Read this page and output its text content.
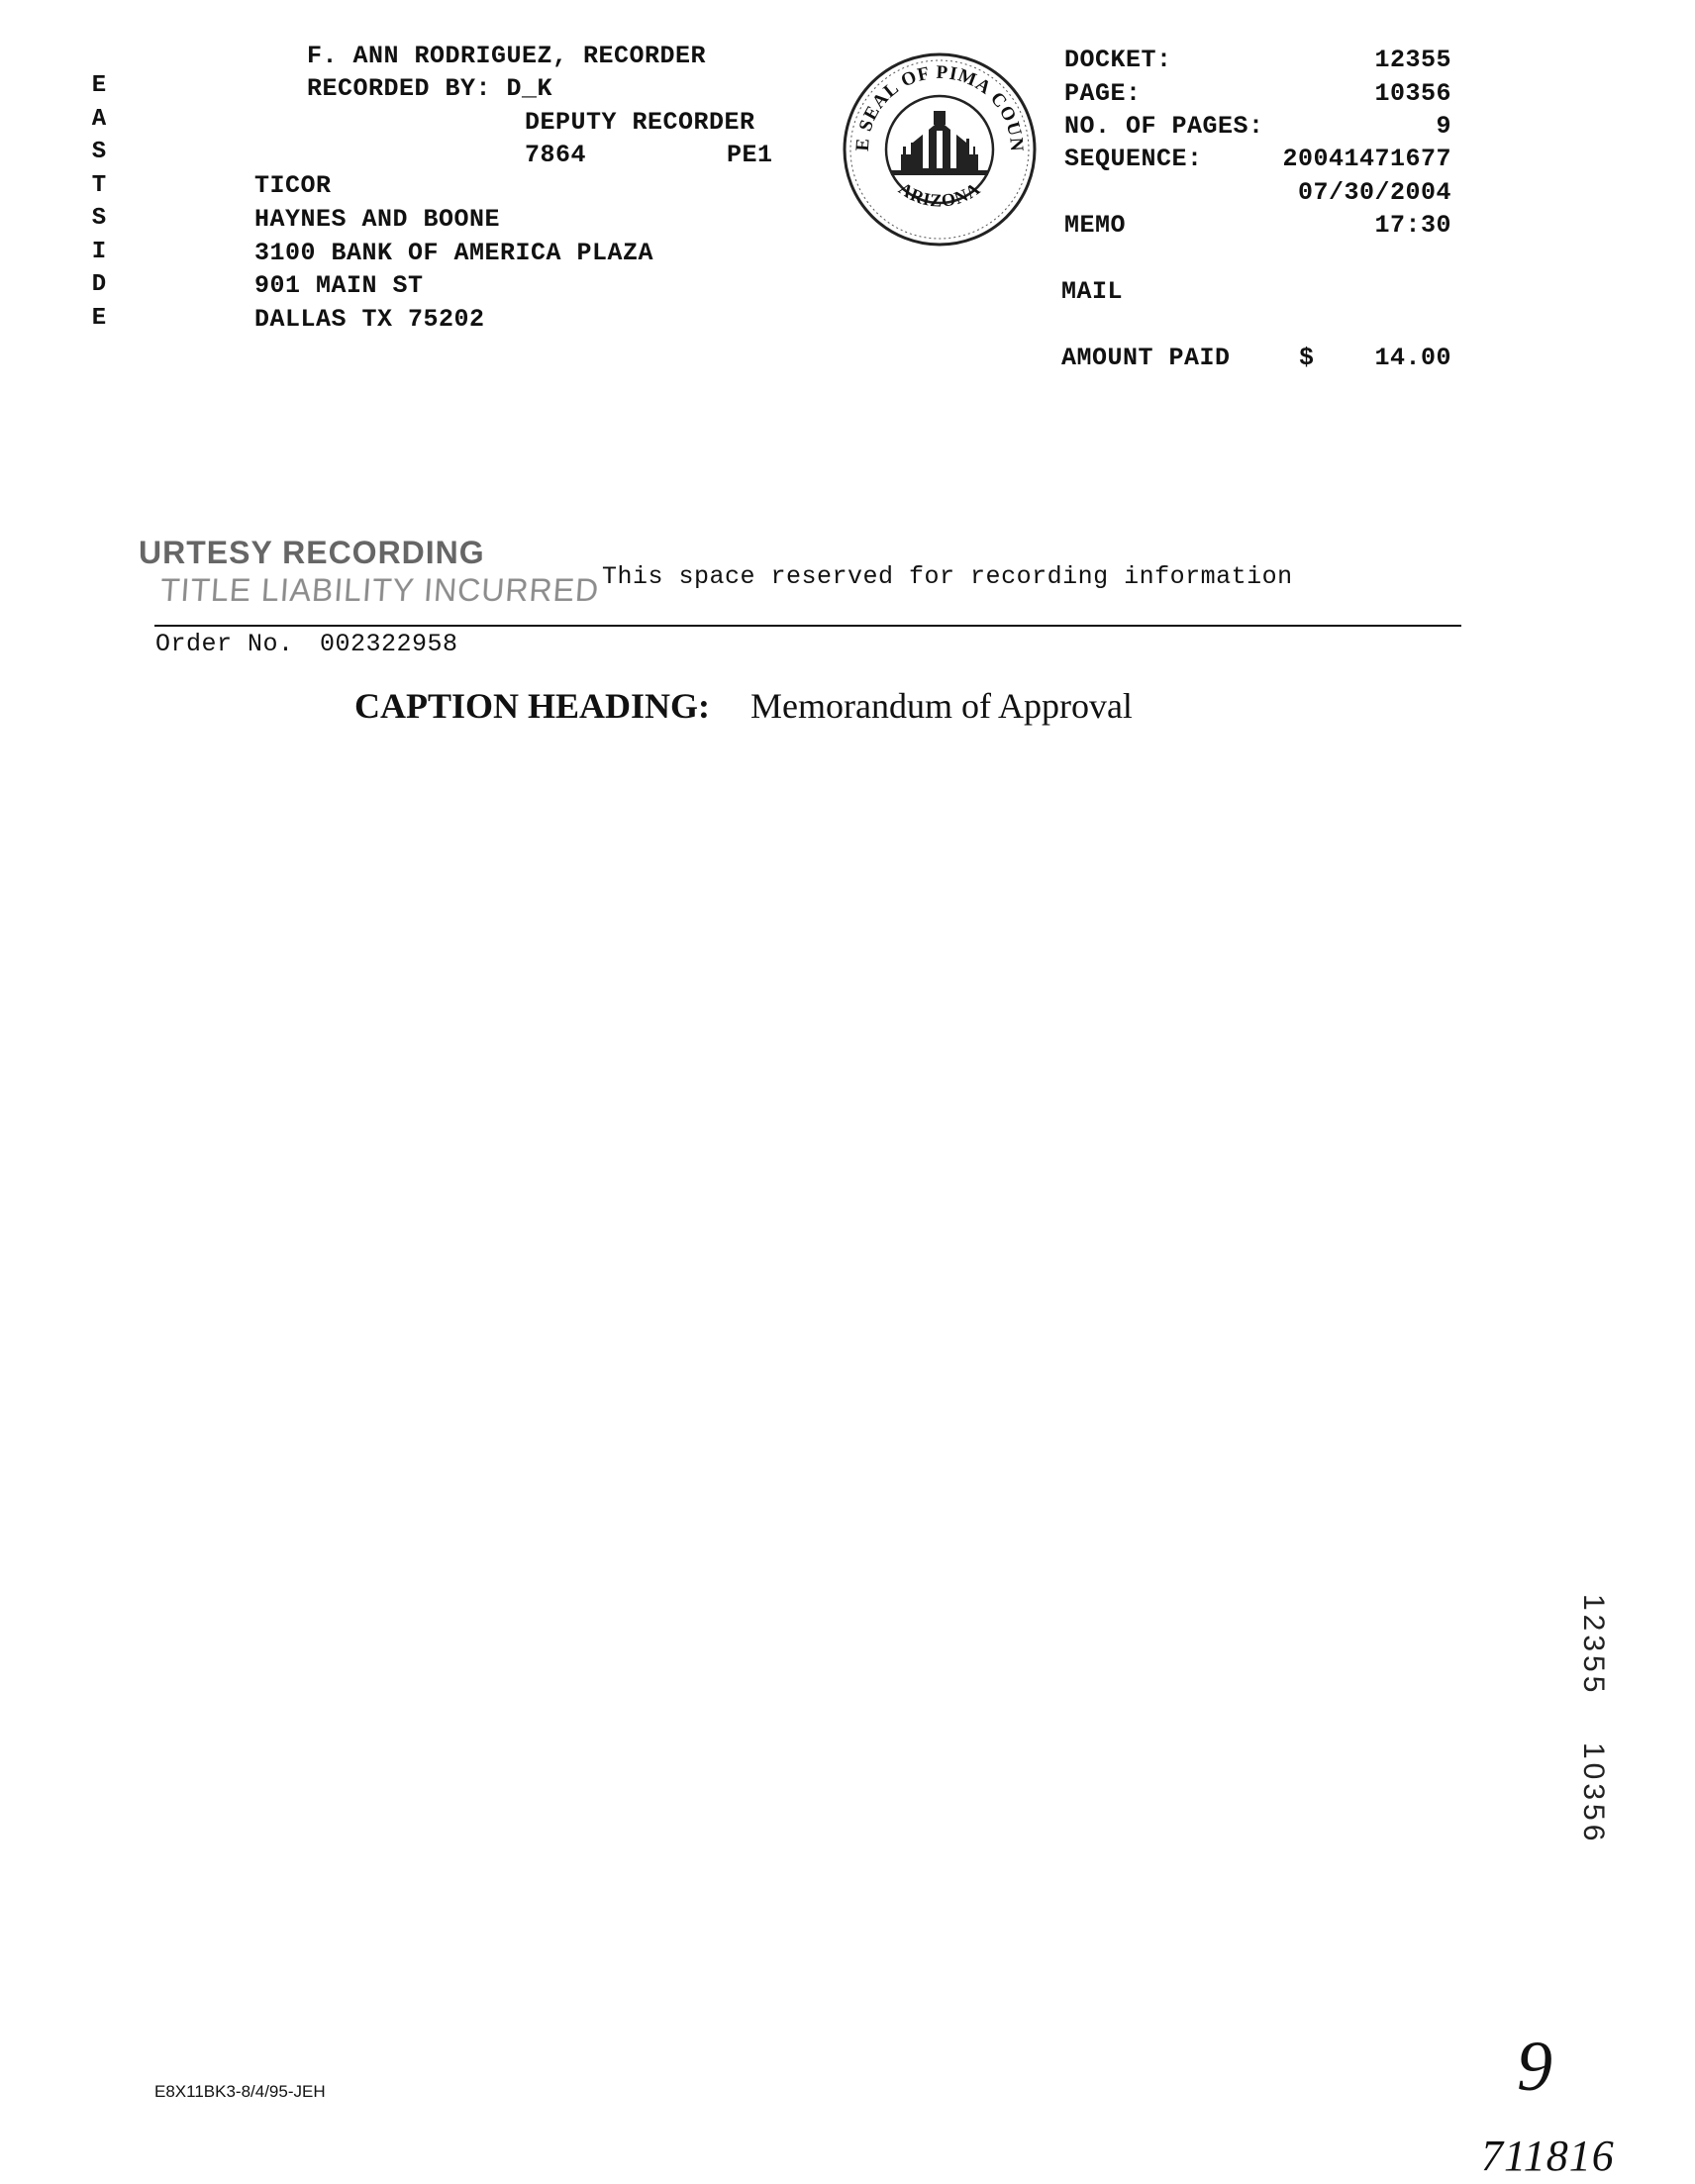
E
A
S
T
S
I
D
E
F. ANN RODRIGUEZ, RECORDER
RECORDED BY: D_K
DEPUTY RECORDER
7864	PE1
TICOR
HAYNES AND BOONE
3100 BANK OF AMERICA PLAZA
901 MAIN ST
DALLAS TX 75202
E SEAL OF PIMA COUN
ARIZONA
DOCKET:	12355
PAGE:	10356
NO. OF PAGES:	9
SEQUENCE:	20041471677
07/30/2004
MEMO	17:30
MAIL
AMOUNT PAID	$	14.00
URTESY RECORDING
TITLE LIABILITY INCURRED This space reserved for recording information
Order No. 002322958
CAPTION HEADING: Memorandum of Approval
12355
10356
E8X11BK3-8/4/95-JEH	9
711816
